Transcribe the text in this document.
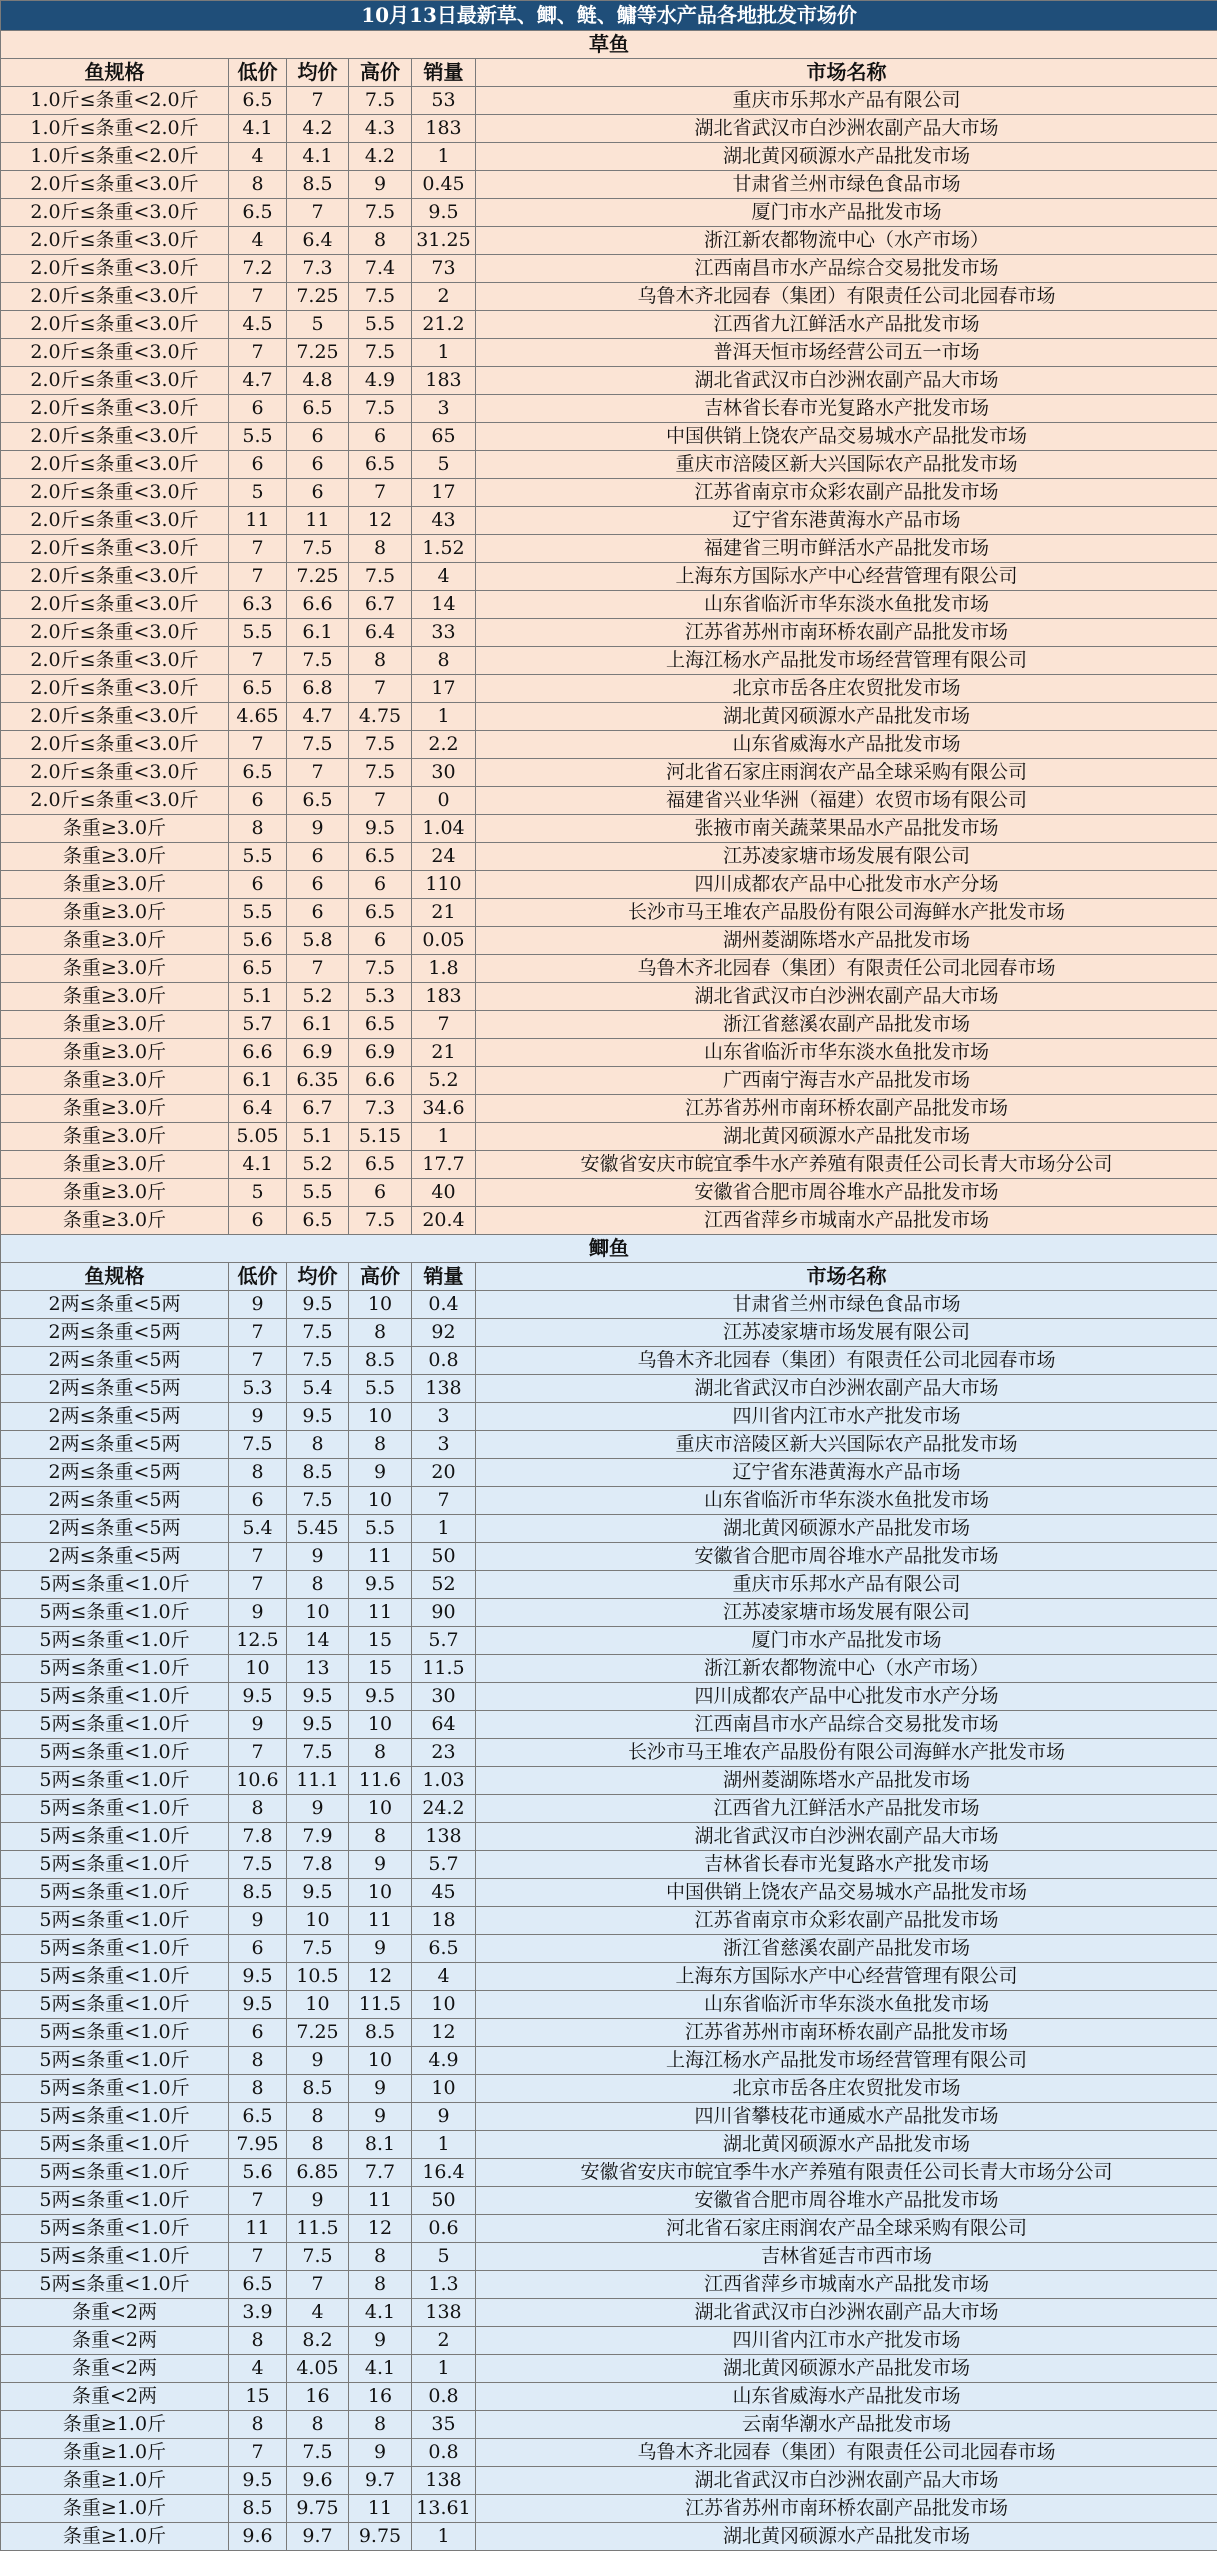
10月13日最新草、鲫、鲢、鳙等水产品各地批发市场价					
草鱼					
鱼规格	低价	均价	高价	销量	市场名称
1.0斤≤条重<2.0斤	6.5	7	7.5	53	重庆市乐邦水产品有限公司
1.0斤≤条重<2.0斤	4.1	4.2	4.3	183	湖北省武汉市白沙洲农副产品大市场
1.0斤≤条重<2.0斤	4	4.1	4.2	1	湖北黄冈硕源水产品批发市场
2.0斤≤条重<3.0斤	8	8.5	9	0.45	甘肃省兰州市绿色食品市场
2.0斤≤条重<3.0斤	6.5	7	7.5	9.5	厦门市水产品批发市场
2.0斤≤条重<3.0斤	4	6.4	8	31.25	浙江新农都物流中心（水产市场）
2.0斤≤条重<3.0斤	7.2	7.3	7.4	73	江西南昌市水产品综合交易批发市场
2.0斤≤条重<3.0斤	7	7.25	7.5	2	乌鲁木齐北园春（集团）有限责任公司北园春市场
2.0斤≤条重<3.0斤	4.5	5	5.5	21.2	江西省九江鲜活水产品批发市场
2.0斤≤条重<3.0斤	7	7.25	7.5	1	普洱天恒市场经营公司五一市场
2.0斤≤条重<3.0斤	4.7	4.8	4.9	183	湖北省武汉市白沙洲农副产品大市场
2.0斤≤条重<3.0斤	6	6.5	7.5	3	吉林省长春市光复路水产批发市场
2.0斤≤条重<3.0斤	5.5	6	6	65	中国供销上饶农产品交易城水产品批发市场
2.0斤≤条重<3.0斤	6	6	6.5	5	重庆市涪陵区新大兴国际农产品批发市场
2.0斤≤条重<3.0斤	5	6	7	17	江苏省南京市众彩农副产品批发市场
2.0斤≤条重<3.0斤	11	11	12	43	辽宁省东港黄海水产品市场
2.0斤≤条重<3.0斤	7	7.5	8	1.52	福建省三明市鲜活水产品批发市场
2.0斤≤条重<3.0斤	7	7.25	7.5	4	上海东方国际水产中心经营管理有限公司
2.0斤≤条重<3.0斤	6.3	6.6	6.7	14	山东省临沂市华东淡水鱼批发市场
2.0斤≤条重<3.0斤	5.5	6.1	6.4	33	江苏省苏州市南环桥农副产品批发市场
2.0斤≤条重<3.0斤	7	7.5	8	8	上海江杨水产品批发市场经营管理有限公司
2.0斤≤条重<3.0斤	6.5	6.8	7	17	北京市岳各庄农贸批发市场
2.0斤≤条重<3.0斤	4.65	4.7	4.75	1	湖北黄冈硕源水产品批发市场
2.0斤≤条重<3.0斤	7	7.5	7.5	2.2	山东省威海水产品批发市场
2.0斤≤条重<3.0斤	6.5	7	7.5	30	河北省石家庄雨润农产品全球采购有限公司
2.0斤≤条重<3.0斤	6	6.5	7	0	福建省兴业华洲（福建）农贸市场有限公司
条重≥3.0斤	8	9	9.5	1.04	张掖市南关蔬菜果品水产品批发市场
条重≥3.0斤	5.5	6	6.5	24	江苏凌家塘市场发展有限公司
条重≥3.0斤	6	6	6	110	四川成都农产品中心批发市水产分场
条重≥3.0斤	5.5	6	6.5	21	长沙市马王堆农产品股份有限公司海鲜水产批发市场
条重≥3.0斤	5.6	5.8	6	0.05	湖州菱湖陈塔水产品批发市场
条重≥3.0斤	6.5	7	7.5	1.8	乌鲁木齐北园春（集团）有限责任公司北园春市场
条重≥3.0斤	5.1	5.2	5.3	183	湖北省武汉市白沙洲农副产品大市场
条重≥3.0斤	5.7	6.1	6.5	7	浙江省慈溪农副产品批发市场
条重≥3.0斤	6.6	6.9	6.9	21	山东省临沂市华东淡水鱼批发市场
条重≥3.0斤	6.1	6.35	6.6	5.2	广西南宁海吉水产品批发市场
条重≥3.0斤	6.4	6.7	7.3	34.6	江苏省苏州市南环桥农副产品批发市场
条重≥3.0斤	5.05	5.1	5.15	1	湖北黄冈硕源水产品批发市场
条重≥3.0斤	4.1	5.2	6.5	17.7	安徽省安庆市皖宜季牛水产养殖有限责任公司长青大市场分公司
条重≥3.0斤	5	5.5	6	40	安徽省合肥市周谷堆水产品批发市场
条重≥3.0斤	6	6.5	7.5	20.4	江西省萍乡市城南水产品批发市场
鲫鱼					
鱼规格	低价	均价	高价	销量	市场名称
2两≤条重<5两	9	9.5	10	0.4	甘肃省兰州市绿色食品市场
2两≤条重<5两	7	7.5	8	92	江苏凌家塘市场发展有限公司
2两≤条重<5两	7	7.5	8.5	0.8	乌鲁木齐北园春（集团）有限责任公司北园春市场
2两≤条重<5两	5.3	5.4	5.5	138	湖北省武汉市白沙洲农副产品大市场
2两≤条重<5两	9	9.5	10	3	四川省内江市水产批发市场
2两≤条重<5两	7.5	8	8	3	重庆市涪陵区新大兴国际农产品批发市场
2两≤条重<5两	8	8.5	9	20	辽宁省东港黄海水产品市场
2两≤条重<5两	6	7.5	10	7	山东省临沂市华东淡水鱼批发市场
2两≤条重<5两	5.4	5.45	5.5	1	湖北黄冈硕源水产品批发市场
2两≤条重<5两	7	9	11	50	安徽省合肥市周谷堆水产品批发市场
5两≤条重<1.0斤	7	8	9.5	52	重庆市乐邦水产品有限公司
5两≤条重<1.0斤	9	10	11	90	江苏凌家塘市场发展有限公司
5两≤条重<1.0斤	12.5	14	15	5.7	厦门市水产品批发市场
5两≤条重<1.0斤	10	13	15	11.5	浙江新农都物流中心（水产市场）
5两≤条重<1.0斤	9.5	9.5	9.5	30	四川成都农产品中心批发市水产分场
5两≤条重<1.0斤	9	9.5	10	64	江西南昌市水产品综合交易批发市场
5两≤条重<1.0斤	7	7.5	8	23	长沙市马王堆农产品股份有限公司海鲜水产批发市场
5两≤条重<1.0斤	10.6	11.1	11.6	1.03	湖州菱湖陈塔水产品批发市场
5两≤条重<1.0斤	8	9	10	24.2	江西省九江鲜活水产品批发市场
5两≤条重<1.0斤	7.8	7.9	8	138	湖北省武汉市白沙洲农副产品大市场
5两≤条重<1.0斤	7.5	7.8	9	5.7	吉林省长春市光复路水产批发市场
5两≤条重<1.0斤	8.5	9.5	10	45	中国供销上饶农产品交易城水产品批发市场
5两≤条重<1.0斤	9	10	11	18	江苏省南京市众彩农副产品批发市场
5两≤条重<1.0斤	6	7.5	9	6.5	浙江省慈溪农副产品批发市场
5两≤条重<1.0斤	9.5	10.5	12	4	上海东方国际水产中心经营管理有限公司
5两≤条重<1.0斤	9.5	10	11.5	10	山东省临沂市华东淡水鱼批发市场
5两≤条重<1.0斤	6	7.25	8.5	12	江苏省苏州市南环桥农副产品批发市场
5两≤条重<1.0斤	8	9	10	4.9	上海江杨水产品批发市场经营管理有限公司
5两≤条重<1.0斤	8	8.5	9	10	北京市岳各庄农贸批发市场
5两≤条重<1.0斤	6.5	8	9	9	四川省攀枝花市通威水产品批发市场
5两≤条重<1.0斤	7.95	8	8.1	1	湖北黄冈硕源水产品批发市场
5两≤条重<1.0斤	5.6	6.85	7.7	16.4	安徽省安庆市皖宜季牛水产养殖有限责任公司长青大市场分公司
5两≤条重<1.0斤	7	9	11	50	安徽省合肥市周谷堆水产品批发市场
5两≤条重<1.0斤	11	11.5	12	0.6	河北省石家庄雨润农产品全球采购有限公司
5两≤条重<1.0斤	7	7.5	8	5	吉林省延吉市西市场
5两≤条重<1.0斤	6.5	7	8	1.3	江西省萍乡市城南水产品批发市场
条重<2两	3.9	4	4.1	138	湖北省武汉市白沙洲农副产品大市场
条重<2两	8	8.2	9	2	四川省内江市水产批发市场
条重<2两	4	4.05	4.1	1	湖北黄冈硕源水产品批发市场
条重<2两	15	16	16	0.8	山东省威海水产品批发市场
条重≥1.0斤	8	8	8	35	云南华潮水产品批发市场
条重≥1.0斤	7	7.5	9	0.8	乌鲁木齐北园春（集团）有限责任公司北园春市场
条重≥1.0斤	9.5	9.6	9.7	138	湖北省武汉市白沙洲农副产品大市场
条重≥1.0斤	8.5	9.75	11	13.61	江苏省苏州市南环桥农副产品批发市场
条重≥1.0斤	9.6	9.7	9.75	1	湖北黄冈硕源水产品批发市场
